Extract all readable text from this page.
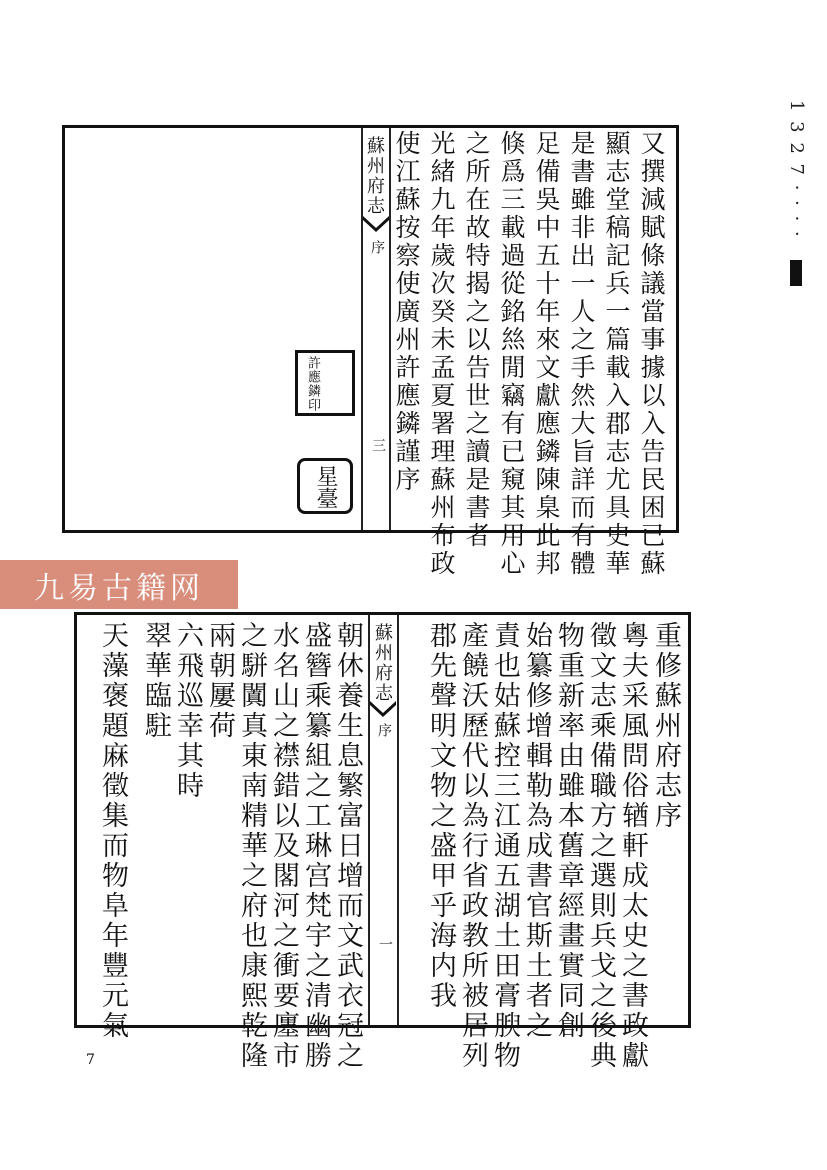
1 3 2 7 · · · ·
蘇州府志
序
三
許應鏻印
星臺	又撰減賦條議當事據以入告民困已蘇
顯志堂稿記兵一篇載入郡志尤具史華
是書雖非出一人之手然大旨詳而有體
足備吳中五十年來文獻應鏻陳臬此邦
倏爲三載過從銘𢇁閒竊有已窺其用心
之所在故特揭之以告世之讀是書者
光緒九年歲次癸未孟夏署理蘇州布政
使江蘇按察使廣州許應鏻謹序
九易古籍网
蘇州府志
序
一
重修蘇州府志序
粵夫采風問俗𬨎軒成太史之書政獻
徵文志乘備職方之選則兵戈之後典
物重新率由雖本舊章經畫實同創
始纂修增輯勒為成書官斯土者之
責也姑蘇控三江通五湖土田膏腴物
產饒沃歷代以為行省政教所被居列
郡先聲明文物之盛甲乎海内我
朝休養生息繁富日增而文武衣冠之
盛簪乘纂組之工琳宫梵宇之清幽勝
水名山之襟錯以及閣河之衝要廛市
之駢闐真東南精華之府也康熙乾隆
兩朝屢荷
六飛巡幸其時
翠華臨駐
天藻褒題麻徵集而物阜年豐元氣
7
